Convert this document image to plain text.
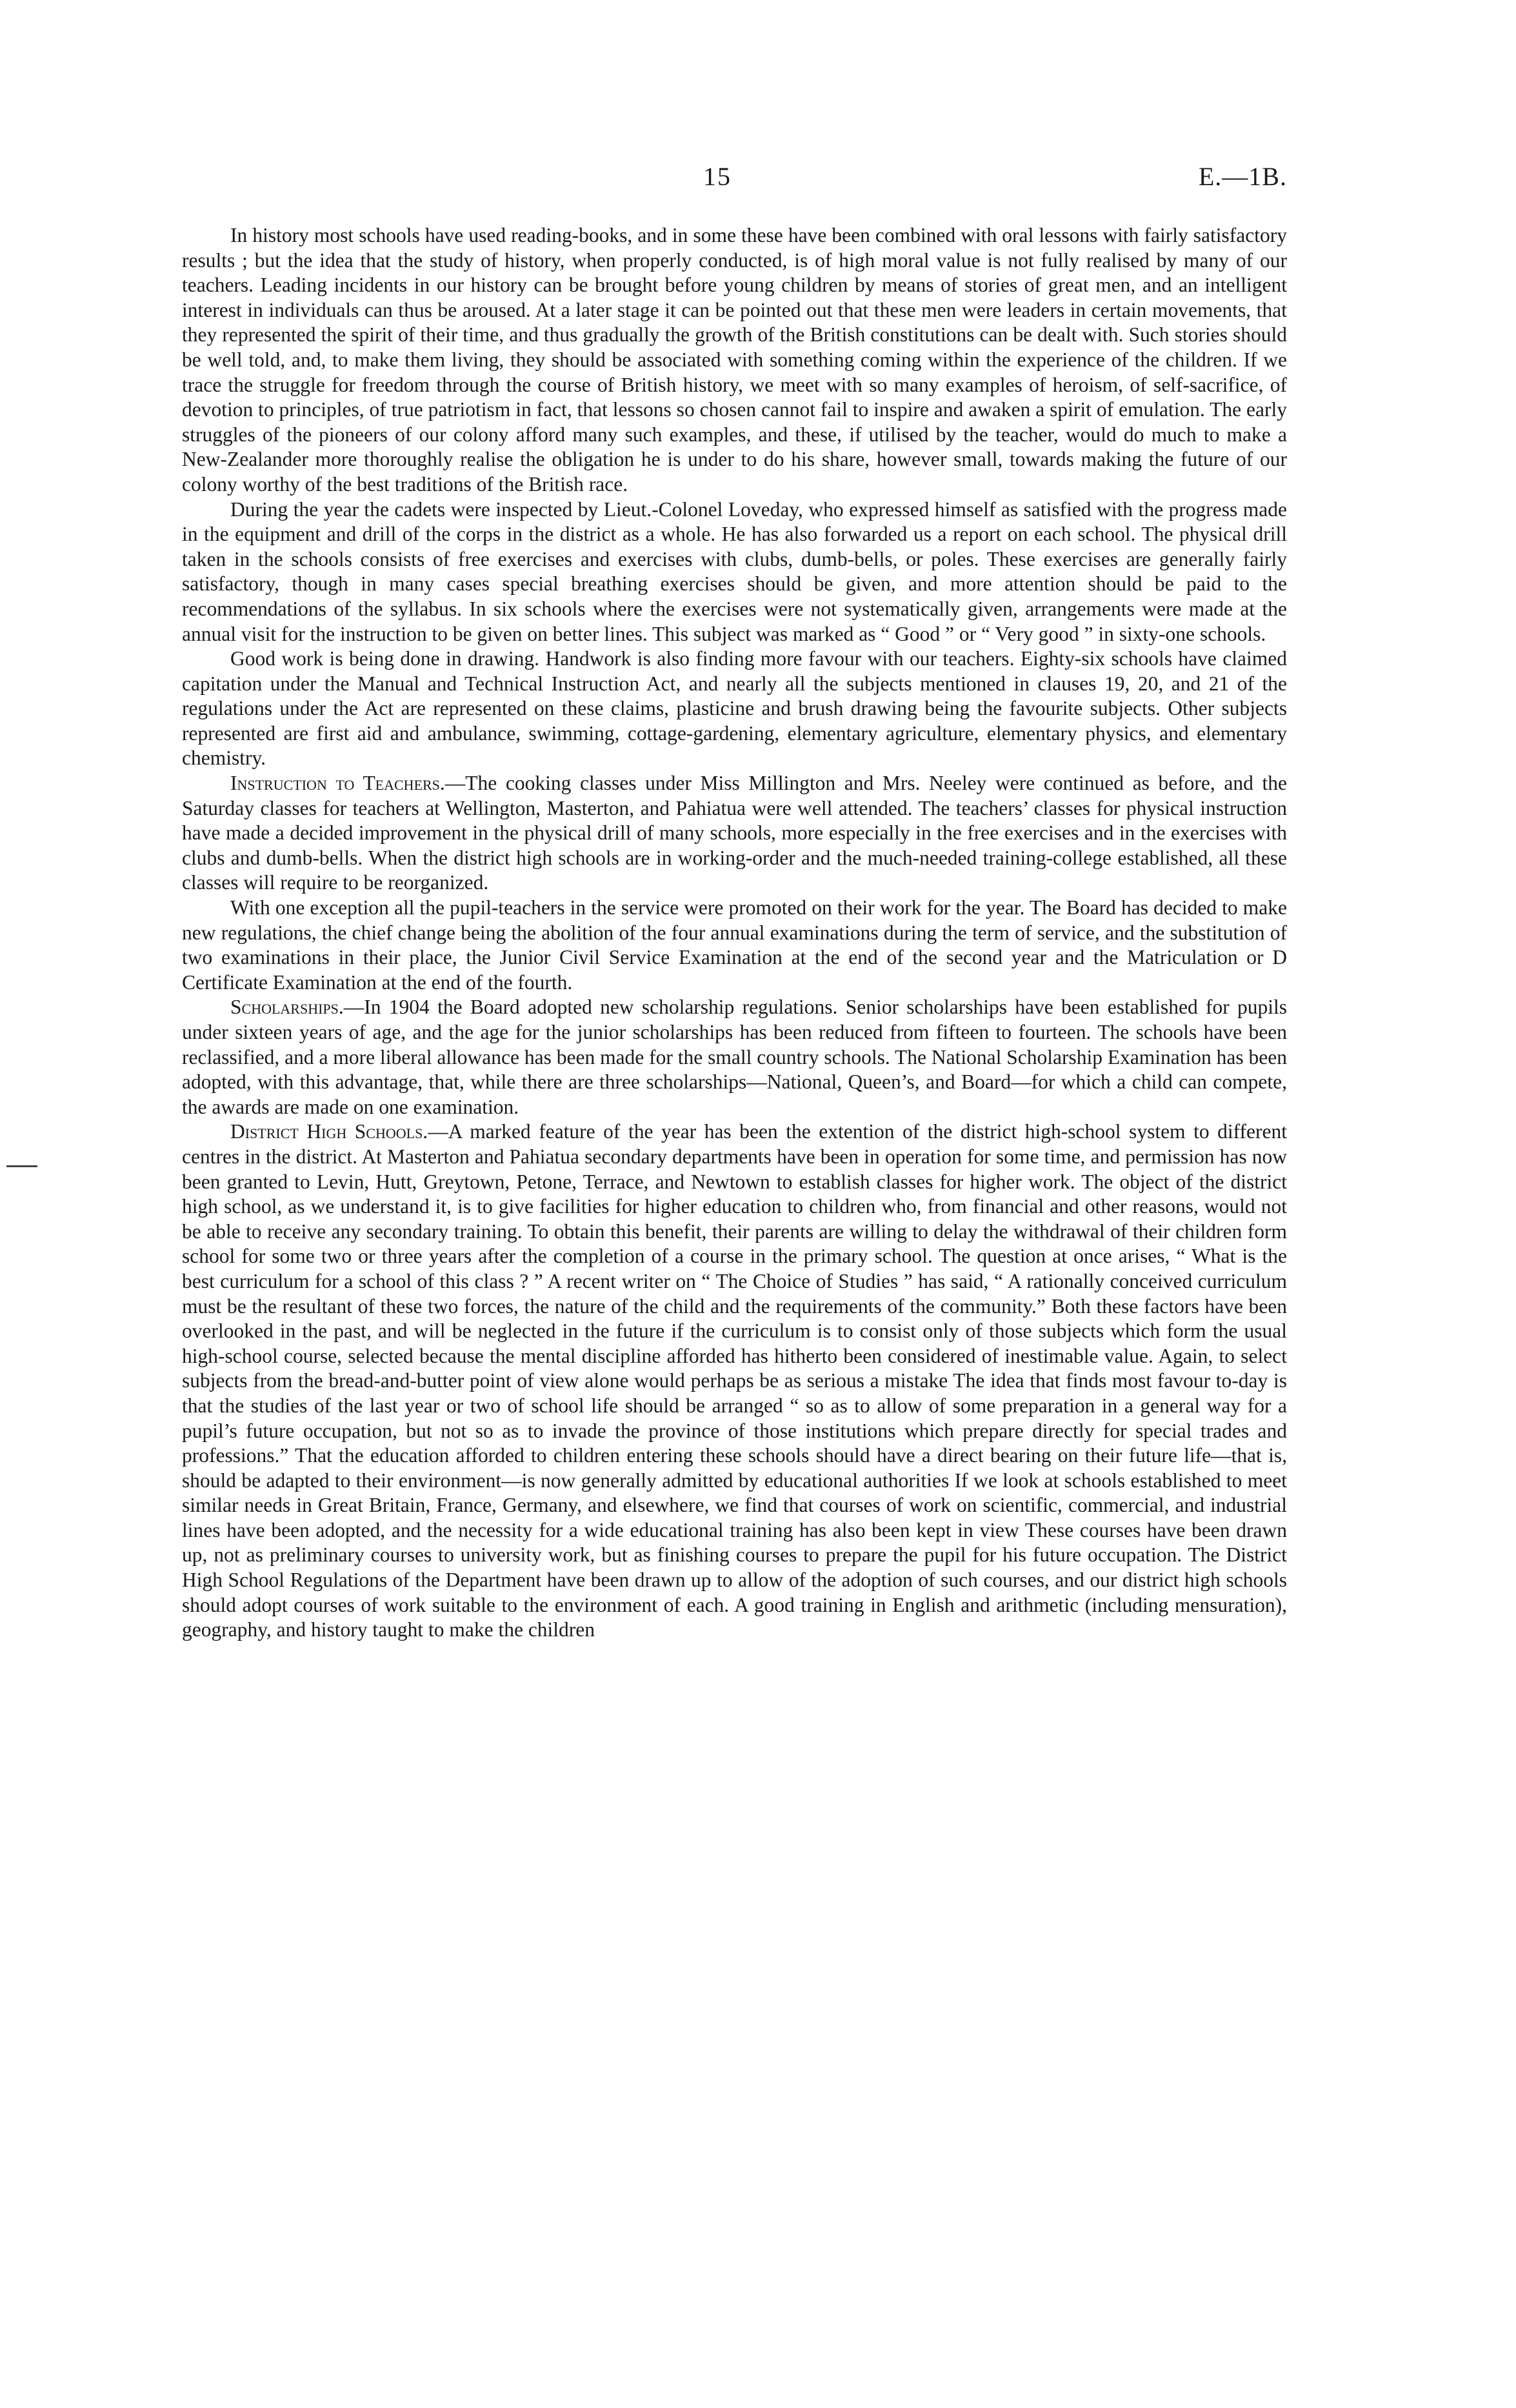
15	E.—1B.

In history most schools have used reading-books, and in some these have been combined with oral lessons with fairly satisfactory results ; but the idea that the study of history, when properly conducted, is of high moral value is not fully realised by many of our teachers. Leading incidents in our history can be brought before young children by means of stories of great men, and an intelligent interest in individuals can thus be aroused. At a later stage it can be pointed out that these men were leaders in certain movements, that they represented the spirit of their time, and thus gradually the growth of the British constitutions can be dealt with. Such stories should be well told, and, to make them living, they should be associated with something coming within the experience of the children. If we trace the struggle for freedom through the course of British history, we meet with so many examples of heroism, of self-sacrifice, of devotion to principles, of true patriotism in fact, that lessons so chosen cannot fail to inspire and awaken a spirit of emulation. The early struggles of the pioneers of our colony afford many such examples, and these, if utilised by the teacher, would do much to make a New-Zealander more thoroughly realise the obligation he is under to do his share, however small, towards making the future of our colony worthy of the best traditions of the British race.

During the year the cadets were inspected by Lieut.-Colonel Loveday, who expressed himself as satisfied with the progress made in the equipment and drill of the corps in the district as a whole. He has also forwarded us a report on each school. The physical drill taken in the schools consists of free exercises and exercises with clubs, dumb-bells, or poles. These exercises are generally fairly satisfactory, though in many cases special breathing exercises should be given, and more attention should be paid to the recommendations of the syllabus. In six schools where the exercises were not systematically given, arrangements were made at the annual visit for the instruction to be given on better lines. This subject was marked as “ Good ” or “ Very good ” in sixty-one schools.

Good work is being done in drawing. Handwork is also finding more favour with our teachers. Eighty-six schools have claimed capitation under the Manual and Technical Instruction Act, and nearly all the subjects mentioned in clauses 19, 20, and 21 of the regulations under the Act are represented on these claims, plasticine and brush drawing being the favourite subjects. Other subjects represented are first aid and ambulance, swimming, cottage-gardening, elementary agriculture, elementary physics, and elementary chemistry.

Instruction to Teachers.—The cooking classes under Miss Millington and Mrs. Neeley were continued as before, and the Saturday classes for teachers at Wellington, Masterton, and Pahiatua were well attended. The teachers’ classes for physical instruction have made a decided improvement in the physical drill of many schools, more especially in the free exercises and in the exercises with clubs and dumb-bells. When the district high schools are in working-order and the much-needed training-college established, all these classes will require to be reorganized.

With one exception all the pupil-teachers in the service were promoted on their work for the year. The Board has decided to make new regulations, the chief change being the abolition of the four annual examinations during the term of service, and the substitution of two examinations in their place, the Junior Civil Service Examination at the end of the second year and the Matriculation or D Certificate Examination at the end of the fourth.

Scholarships.—In 1904 the Board adopted new scholarship regulations. Senior scholarships have been established for pupils under sixteen years of age, and the age for the junior scholarships has been reduced from fifteen to fourteen. The schools have been reclassified, and a more liberal allowance has been made for the small country schools. The National Scholarship Examination has been adopted, with this advantage, that, while there are three scholarships—National, Queen’s, and Board—for which a child can compete, the awards are made on one examination.

District High Schools.—A marked feature of the year has been the extention of the district high-school system to different centres in the district. At Masterton and Pahiatua secondary departments have been in operation for some time, and permission has now been granted to Levin, Hutt, Greytown, Petone, Terrace, and Newtown to establish classes for higher work. The object of the district high school, as we understand it, is to give facilities for higher education to children who, from financial and other reasons, would not be able to receive any secondary training. To obtain this benefit, their parents are willing to delay the withdrawal of their children form school for some two or three years after the completion of a course in the primary school. The question at once arises, “ What is the best curriculum for a school of this class ? ” A recent writer on “ The Choice of Studies ” has said, “ A rationally conceived curriculum must be the resultant of these two forces, the nature of the child and the requirements of the community.” Both these factors have been overlooked in the past, and will be neglected in the future if the curriculum is to consist only of those subjects which form the usual high-school course, selected because the mental discipline afforded has hitherto been considered of inestimable value. Again, to select subjects from the bread-and-butter point of view alone would perhaps be as serious a mistake The idea that finds most favour to-day is that the studies of the last year or two of school life should be arranged “ so as to allow of some preparation in a general way for a pupil’s future occupation, but not so as to invade the province of those institutions which prepare directly for special trades and professions.” That the education afforded to children entering these schools should have a direct bearing on their future life—that is, should be adapted to their environment—is now generally admitted by educational authorities If we look at schools established to meet similar needs in Great Britain, France, Germany, and elsewhere, we find that courses of work on scientific, commercial, and industrial lines have been adopted, and the necessity for a wide educational training has also been kept in view These courses have been drawn up, not as preliminary courses to university work, but as finishing courses to prepare the pupil for his future occupation. The District High School Regulations of the Department have been drawn up to allow of the adoption of such courses, and our district high schools should adopt courses of work suitable to the environment of each. A good training in English and arithmetic (including mensuration), geography, and history taught to make the children
